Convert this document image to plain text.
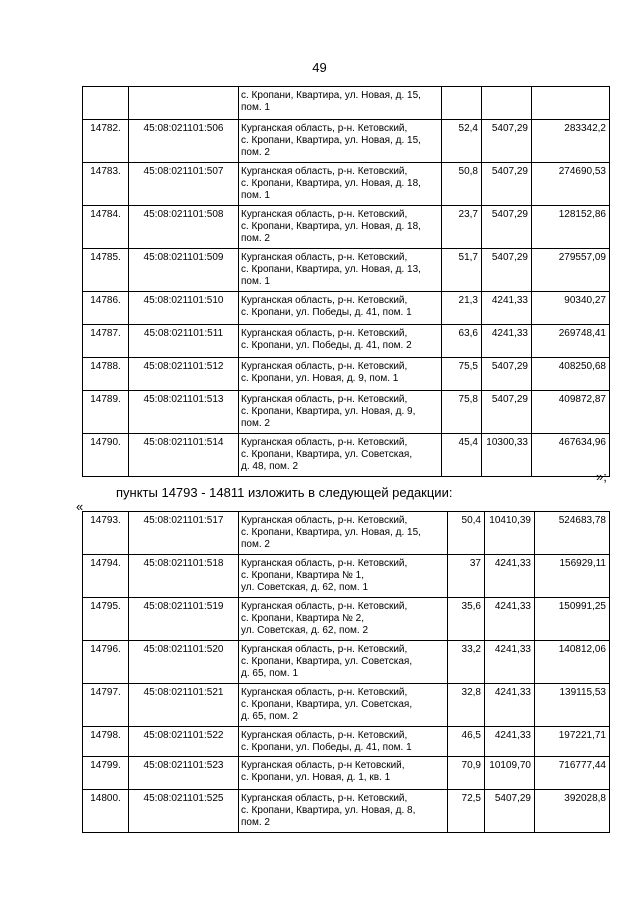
49
		с. Кропани, Квартира, ул. Новая, д. 15,
пом. 1			
14782.	45:08:021101:506	Курганская область, р-н. Кетовский,
с. Кропани, Квартира, ул. Новая, д. 15,
пом. 2	52,4	5407,29	283342,2
14783.	45:08:021101:507	Курганская область, р-н. Кетовский,
с. Кропани, Квартира, ул. Новая, д. 18,
пом. 1	50,8	5407,29	274690,53
14784.	45:08:021101:508	Курганская область, р-н. Кетовский,
с. Кропани, Квартира, ул. Новая, д. 18,
пом. 2	23,7	5407,29	128152,86
14785.	45:08:021101:509	Курганская область, р-н. Кетовский,
с. Кропани, Квартира, ул. Новая, д. 13,
пом. 1	51,7	5407,29	279557,09
14786.	45:08:021101:510	Курганская область, р-н. Кетовский,
с. Кропани, ул. Победы, д. 41, пом. 1	21,3	4241,33	90340,27
14787.	45:08:021101:511	Курганская область, р-н. Кетовский,
с. Кропани, ул. Победы, д. 41, пом. 2	63,6	4241,33	269748,41
14788.	45:08:021101:512	Курганская область, р-н. Кетовский,
с. Кропани, ул. Новая, д. 9, пом. 1	75,5	5407,29	408250,68
14789.	45:08:021101:513	Курганская область, р-н. Кетовский,
с. Кропани, Квартира, ул. Новая, д. 9,
пом. 2	75,8	5407,29	409872,87
14790.	45:08:021101:514	Курганская область, р-н. Кетовский,
с. Кропани, Квартира, ул. Советская,
д. 48, пом. 2	45,4	10300,33	467634,96
»;
пункты 14793 - 14811 изложить в следующей редакции:
«
14793.	45:08:021101:517	Курганская область, р-н. Кетовский,
с. Кропани, Квартира, ул. Новая, д. 15,
пом. 2	50,4	10410,39	524683,78
14794.	45:08:021101:518	Курганская область, р-н. Кетовский,
с. Кропани, Квартира № 1,
ул. Советская, д. 62, пом. 1	37	4241,33	156929,11
14795.	45:08:021101:519	Курганская область, р-н. Кетовский,
с. Кропани, Квартира № 2,
ул. Советская, д. 62, пом. 2	35,6	4241,33	150991,25
14796.	45:08:021101:520	Курганская область, р-н. Кетовский,
с. Кропани, Квартира, ул. Советская,
д. 65, пом. 1	33,2	4241,33	140812,06
14797.	45:08:021101:521	Курганская область, р-н. Кетовский,
с. Кропани, Квартира, ул. Советская,
д. 65, пом. 2	32,8	4241,33	139115,53
14798.	45:08:021101:522	Курганская область, р-н. Кетовский,
с. Кропани, ул. Победы, д. 41, пом. 1	46,5	4241,33	197221,71
14799.	45:08:021101:523	Курганская область, р-н Кетовский,
с. Кропани, ул. Новая, д. 1, кв. 1	70,9	10109,70	716777,44
14800.	45:08:021101:525	Курганская область, р-н. Кетовский,
с. Кропани, Квартира, ул. Новая, д. 8,
пом. 2	72,5	5407,29	392028,8
